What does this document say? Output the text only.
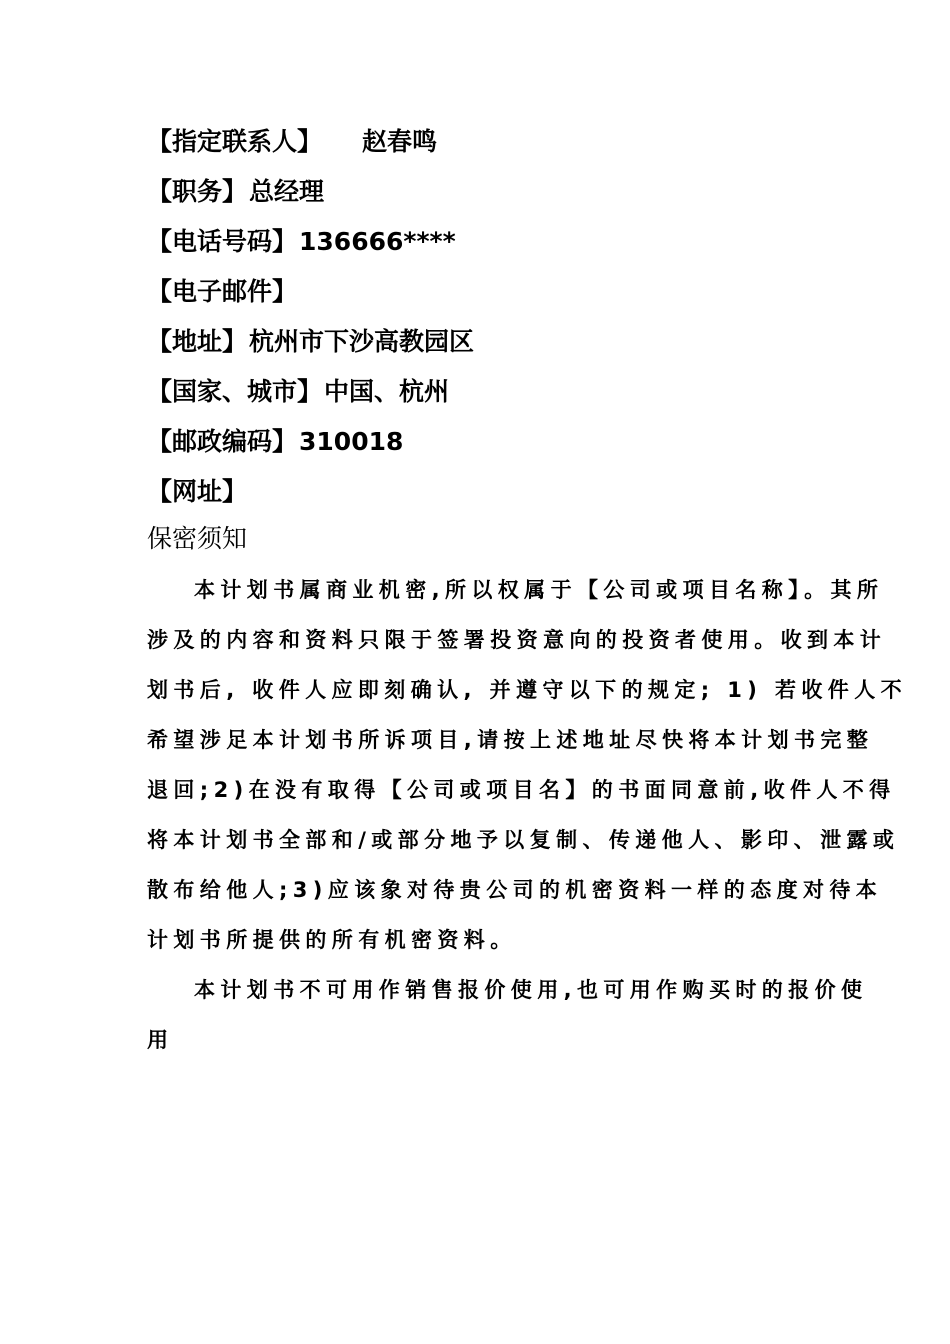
【指定联系人】 赵春鸣
【职务】总经理
【电话号码】136666****
【电子邮件】
【地址】杭州市下沙高教园区
【国家、城市】中国、杭州
【邮政编码】310018
【网址】
保密须知
本计划书属商业机密,所以权属于【公司或项目名称】。其所
涉及的内容和资料只限于签署投资意向的投资者使用。收到本计
划书后, 收件人应即刻确认, 并遵守以下的规定; 1) 若收件人不
希望涉足本计划书所诉项目,请按上述地址尽快将本计划书完整
退回;2)在没有取得【公司或项目名】的书面同意前,收件人不得
将本计划书全部和/或部分地予以复制、传递他人、影印、泄露或
散布给他人;3)应该象对待贵公司的机密资料一样的态度对待本
计划书所提供的所有机密资料。
本计划书不可用作销售报价使用,也可用作购买时的报价使
用
